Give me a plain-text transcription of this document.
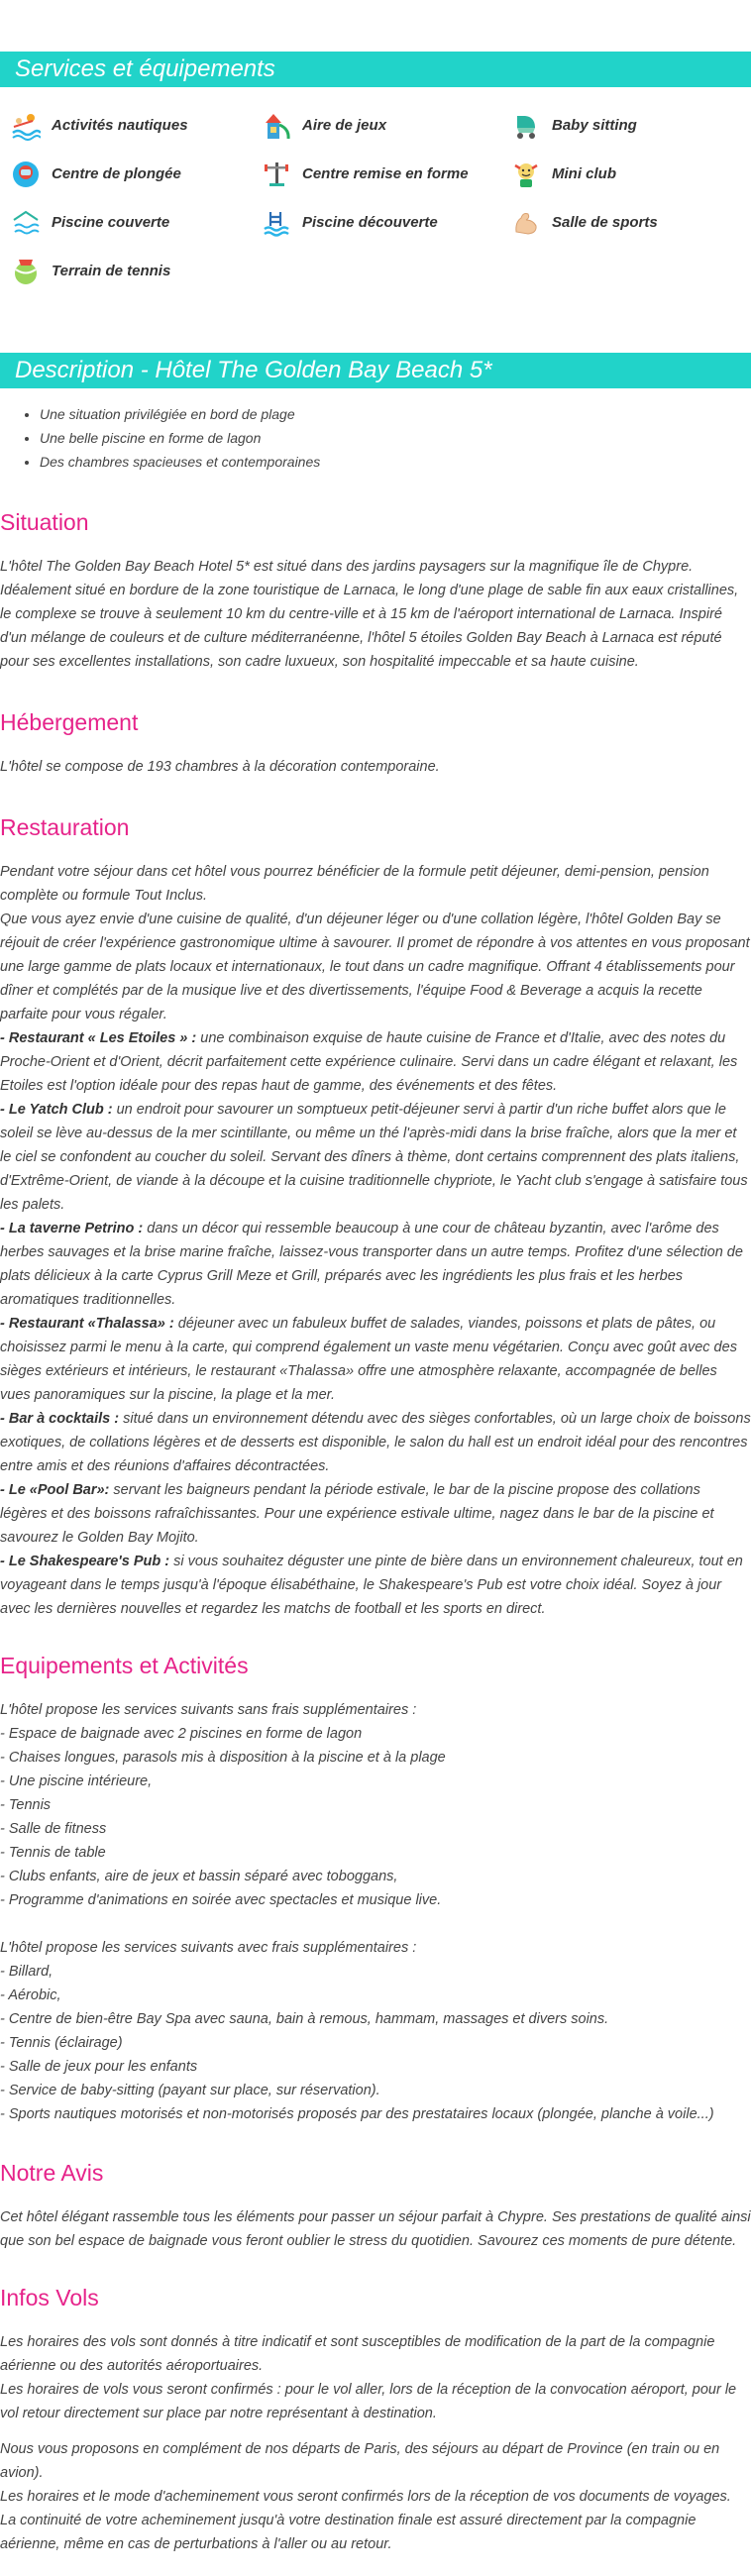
Services et équipements
Activités nautiques	Aire de jeux	Baby sitting
Centre de plongée	Centre remise en forme	Mini club
Piscine couverte	Piscine découverte	Salle de sports
Terrain de tennis
Description - Hôtel The Golden Bay Beach 5*
• Une situation privilégiée en bord de plage
• Une belle piscine en forme de lagon
• Des chambres spacieuses et contemporaines
Situation

L'hôtel The Golden Bay Beach Hotel 5* est situé dans des jardins paysagers sur la magnifique île de Chypre. Idéalement situé en bordure de la zone touristique de Larnaca, le long d'une plage de sable fin aux eaux cristallines, le complexe se trouve à seulement 10 km du centre-ville et à 15 km de l'aéroport international de Larnaca. Inspiré d'un mélange de couleurs et de culture méditerranéenne, l'hôtel 5 étoiles Golden Bay Beach à Larnaca est réputé pour ses excellentes installations, son cadre luxueux, son hospitalité impeccable et sa haute cuisine.

Hébergement

L'hôtel se compose de 193 chambres à la décoration contemporaine.

Restauration

Pendant votre séjour dans cet hôtel vous pourrez bénéficier de la formule petit déjeuner, demi-pension, pension complète ou formule Tout Inclus.

Que vous ayez envie d'une cuisine de qualité, d'un déjeuner léger ou d'une collation légère, l'hôtel Golden Bay se réjouit de créer l'expérience gastronomique ultime à savourer. Il promet de répondre à vos attentes en vous proposant une large gamme de plats locaux et internationaux, le tout dans un cadre magnifique. Offrant 4 établissements pour dîner et complétés par de la musique live et des divertissements, l'équipe Food & Beverage a acquis la recette parfaite pour vous régaler.

- Restaurant « Les Etoiles » : une combinaison exquise de haute cuisine de France et d'Italie, avec des notes du Proche-Orient et d'Orient, décrit parfaitement cette expérience culinaire. Servi dans un cadre élégant et relaxant, les Etoiles est l'option idéale pour des repas haut de gamme, des événements et des fêtes.

- Le Yatch Club : un endroit pour savourer un somptueux petit-déjeuner servi à partir d'un riche buffet alors que le soleil se lève au-dessus de la mer scintillante, ou même un thé l'après-midi dans la brise fraîche, alors que la mer et le ciel se confondent au coucher du soleil. Servant des dîners à thème, dont certains comprennent des plats italiens, d'Extrême-Orient, de viande à la découpe et la cuisine traditionnelle chypriote, le Yacht club s'engage à satisfaire tous les palets.

- La taverne Petrino : dans un décor qui ressemble beaucoup à une cour de château byzantin, avec l'arôme des herbes sauvages et la brise marine fraîche, laissez-vous transporter dans un autre temps. Profitez d'une sélection de plats délicieux à la carte Cyprus Grill Meze et Grill, préparés avec les ingrédients les plus frais et les herbes aromatiques traditionnelles.

- Restaurant «Thalassa» : déjeuner avec un fabuleux buffet de salades, viandes, poissons et plats de pâtes, ou choisissez parmi le menu à la carte, qui comprend également un vaste menu végétarien. Conçu avec goût avec des sièges extérieurs et intérieurs, le restaurant «Thalassa» offre une atmosphère relaxante, accompagnée de belles vues panoramiques sur la piscine, la plage et la mer.

- Bar à cocktails : situé dans un environnement détendu avec des sièges confortables, où un large choix de boissons exotiques, de collations légères et de desserts est disponible, le salon du hall est un endroit idéal pour des rencontres entre amis et des réunions d'affaires décontractées.

- Le «Pool Bar»: servant les baigneurs pendant la période estivale, le bar de la piscine propose des collations légères et des boissons rafraîchissantes. Pour une expérience estivale ultime, nagez dans le bar de la piscine et savourez le Golden Bay Mojito.

- Le Shakespeare's Pub : si vous souhaitez déguster une pinte de bière dans un environnement chaleureux, tout en voyageant dans le temps jusqu'à l'époque élisabéthaine, le Shakespeare's Pub est votre choix idéal. Soyez à jour avec les dernières nouvelles et regardez les matchs de football et les sports en direct.

Equipements et Activités

L'hôtel propose les services suivants sans frais supplémentaires :

- Espace de baignade avec 2 piscines en forme de lagon

- Chaises longues, parasols mis à disposition à la piscine et à la plage

- Une piscine intérieure,

- Tennis

- Salle de fitness

- Tennis de table

- Clubs enfants, aire de jeux et bassin séparé avec toboggans,

- Programme d'animations en soirée avec spectacles et musique live.

L'hôtel propose les services suivants avec frais supplémentaires :

- Billard,

- Aérobic,

- Centre de bien-être Bay Spa avec sauna, bain à remous, hammam, massages et divers soins.

- Tennis (éclairage)

- Salle de jeux pour les enfants

- Service de baby-sitting (payant sur place, sur réservation).

- Sports nautiques motorisés et non-motorisés proposés par des prestataires locaux (plongée, planche à voile...)

Notre Avis

Cet hôtel élégant rassemble tous les éléments pour passer un séjour parfait à Chypre. Ses prestations de qualité ainsi que son bel espace de baignade vous feront oublier le stress du quotidien. Savourez ces moments de pure détente.

Infos Vols

Les horaires des vols sont donnés à titre indicatif et sont susceptibles de modification de la part de la compagnie aérienne ou des autorités aéroportuaires.

Les horaires de vols vous seront confirmés : pour le vol aller, lors de la réception de la convocation aéroport, pour le vol retour directement sur place par notre représentant à destination.

Nous vous proposons en complément de nos départs de Paris, des séjours au départ de Province (en train ou en avion).

Les horaires et le mode d'acheminement vous seront confirmés lors de la réception de vos documents de voyages.

La continuité de votre acheminement jusqu'à votre destination finale est assuré directement par la compagnie aérienne, même en cas de perturbations à l'aller ou au retour.
